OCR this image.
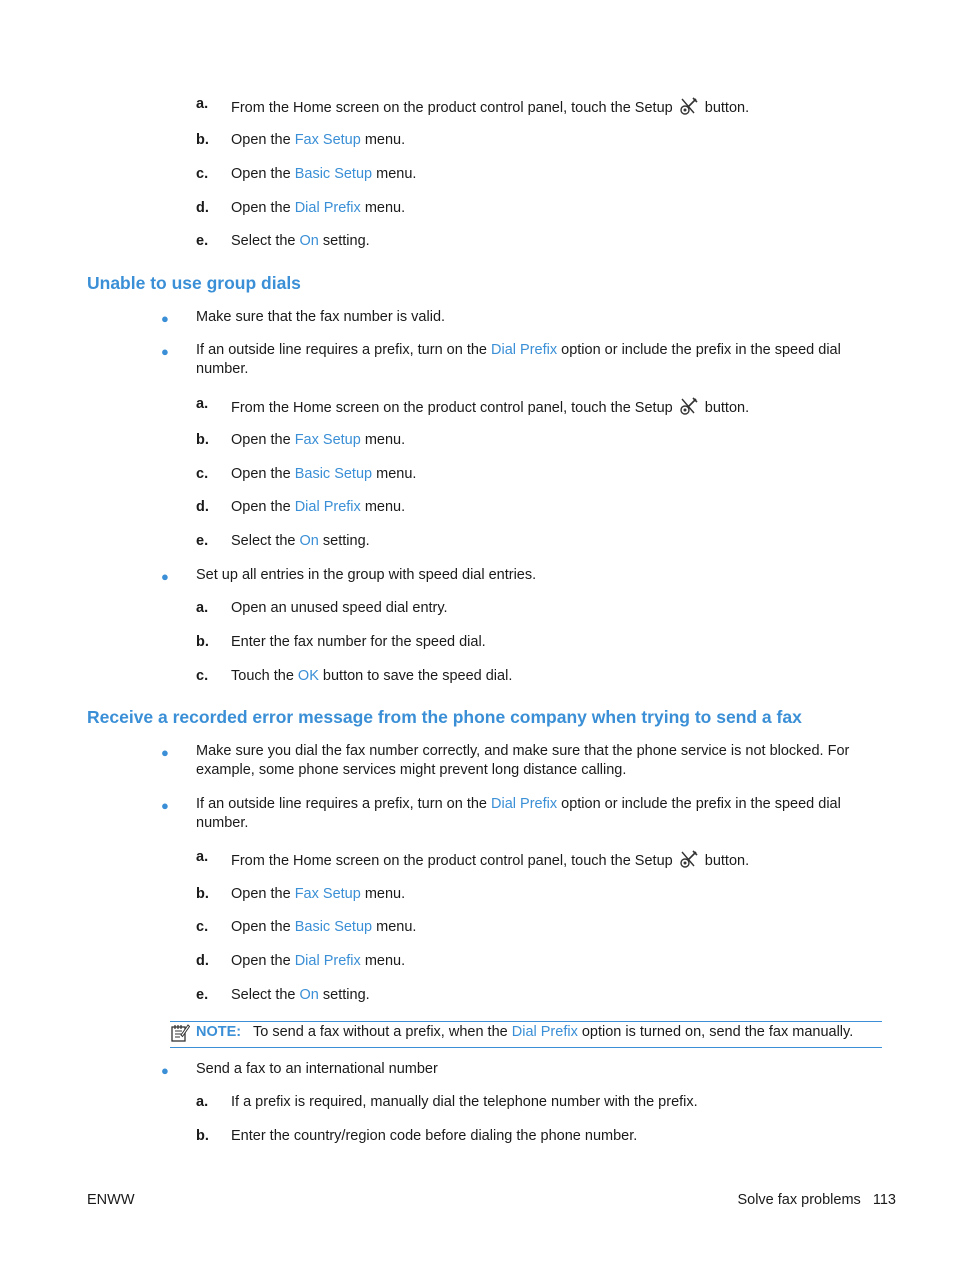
a. From the Home screen on the product control panel, touch the Setup button.
b. Open the Fax Setup menu.
c. Open the Basic Setup menu.
d. Open the Dial Prefix menu.
e. Select the On setting.
Unable to use group dials
● Make sure that the fax number is valid.
● If an outside line requires a prefix, turn on the Dial Prefix option or include the prefix in the speed dial
number.
a. From the Home screen on the product control panel, touch the Setup button.
b. Open the Fax Setup menu.
c. Open the Basic Setup menu.
d. Open the Dial Prefix menu.
e. Select the On setting.
● Set up all entries in the group with speed dial entries.
a. Open an unused speed dial entry.
b. Enter the fax number for the speed dial.
c. Touch the OK button to save the speed dial.
Receive a recorded error message from the phone company when trying to send a fax
● Make sure you dial the fax number correctly, and make sure that the phone service is not blocked. For
example, some phone services might prevent long distance calling.
● If an outside line requires a prefix, turn on the Dial Prefix option or include the prefix in the speed dial
number.
a. From the Home screen on the product control panel, touch the Setup button.
b. Open the Fax Setup menu.
c. Open the Basic Setup menu.
d. Open the Dial Prefix menu.
e. Select the On setting.
NOTE: To send a fax without a prefix, when the Dial Prefix option is turned on, send the fax manually.
● Send a fax to an international number
a. If a prefix is required, manually dial the telephone number with the prefix.
b. Enter the country/region code before dialing the phone number.
ENWW	Solve fax problems 113
